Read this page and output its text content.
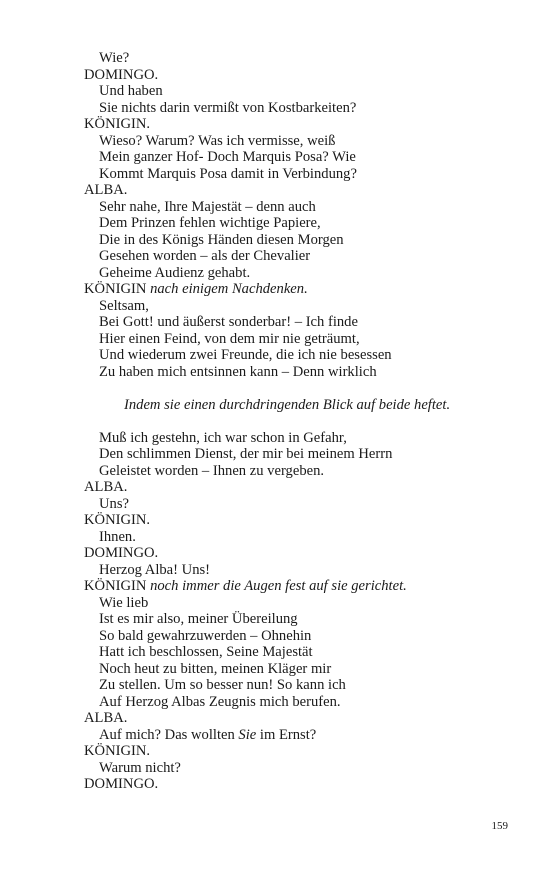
Wie?
DOMINGO.
Und haben
Sie nichts darin vermißt von Kostbarkeiten?
KÖNIGIN.
Wieso? Warum? Was ich vermisse, weiß
Mein ganzer Hof- Doch Marquis Posa? Wie
Kommt Marquis Posa damit in Verbindung?
ALBA.
Sehr nahe, Ihre Majestät – denn auch
Dem Prinzen fehlen wichtige Papiere,
Die in des Königs Händen diesen Morgen
Gesehen worden – als der Chevalier
Geheime Audienz gehabt.
KÖNIGIN nach einigem Nachdenken.
Seltsam,
Bei Gott! und äußerst sonderbar! – Ich finde
Hier einen Feind, von dem mir nie geträumt,
Und wiederum zwei Freunde, die ich nie besessen
Zu haben mich entsinnen kann – Denn wirklich
Indem sie einen durchdringenden Blick auf beide heftet.
Muß ich gestehn, ich war schon in Gefahr,
Den schlimmen Dienst, der mir bei meinem Herrn
Geleistet worden – Ihnen zu vergeben.
ALBA.
Uns?
KÖNIGIN.
Ihnen.
DOMINGO.
Herzog Alba! Uns!
KÖNIGIN noch immer die Augen fest auf sie gerichtet.
Wie lieb
Ist es mir also, meiner Übereilung
So bald gewahrzuwerden – Ohnehin
Hatt ich beschlossen, Seine Majestät
Noch heut zu bitten, meinen Kläger mir
Zu stellen. Um so besser nun! So kann ich
Auf Herzog Albas Zeugnis mich berufen.
ALBA.
Auf mich? Das wollten Sie im Ernst?
KÖNIGIN.
Warum nicht?
DOMINGO.
159
